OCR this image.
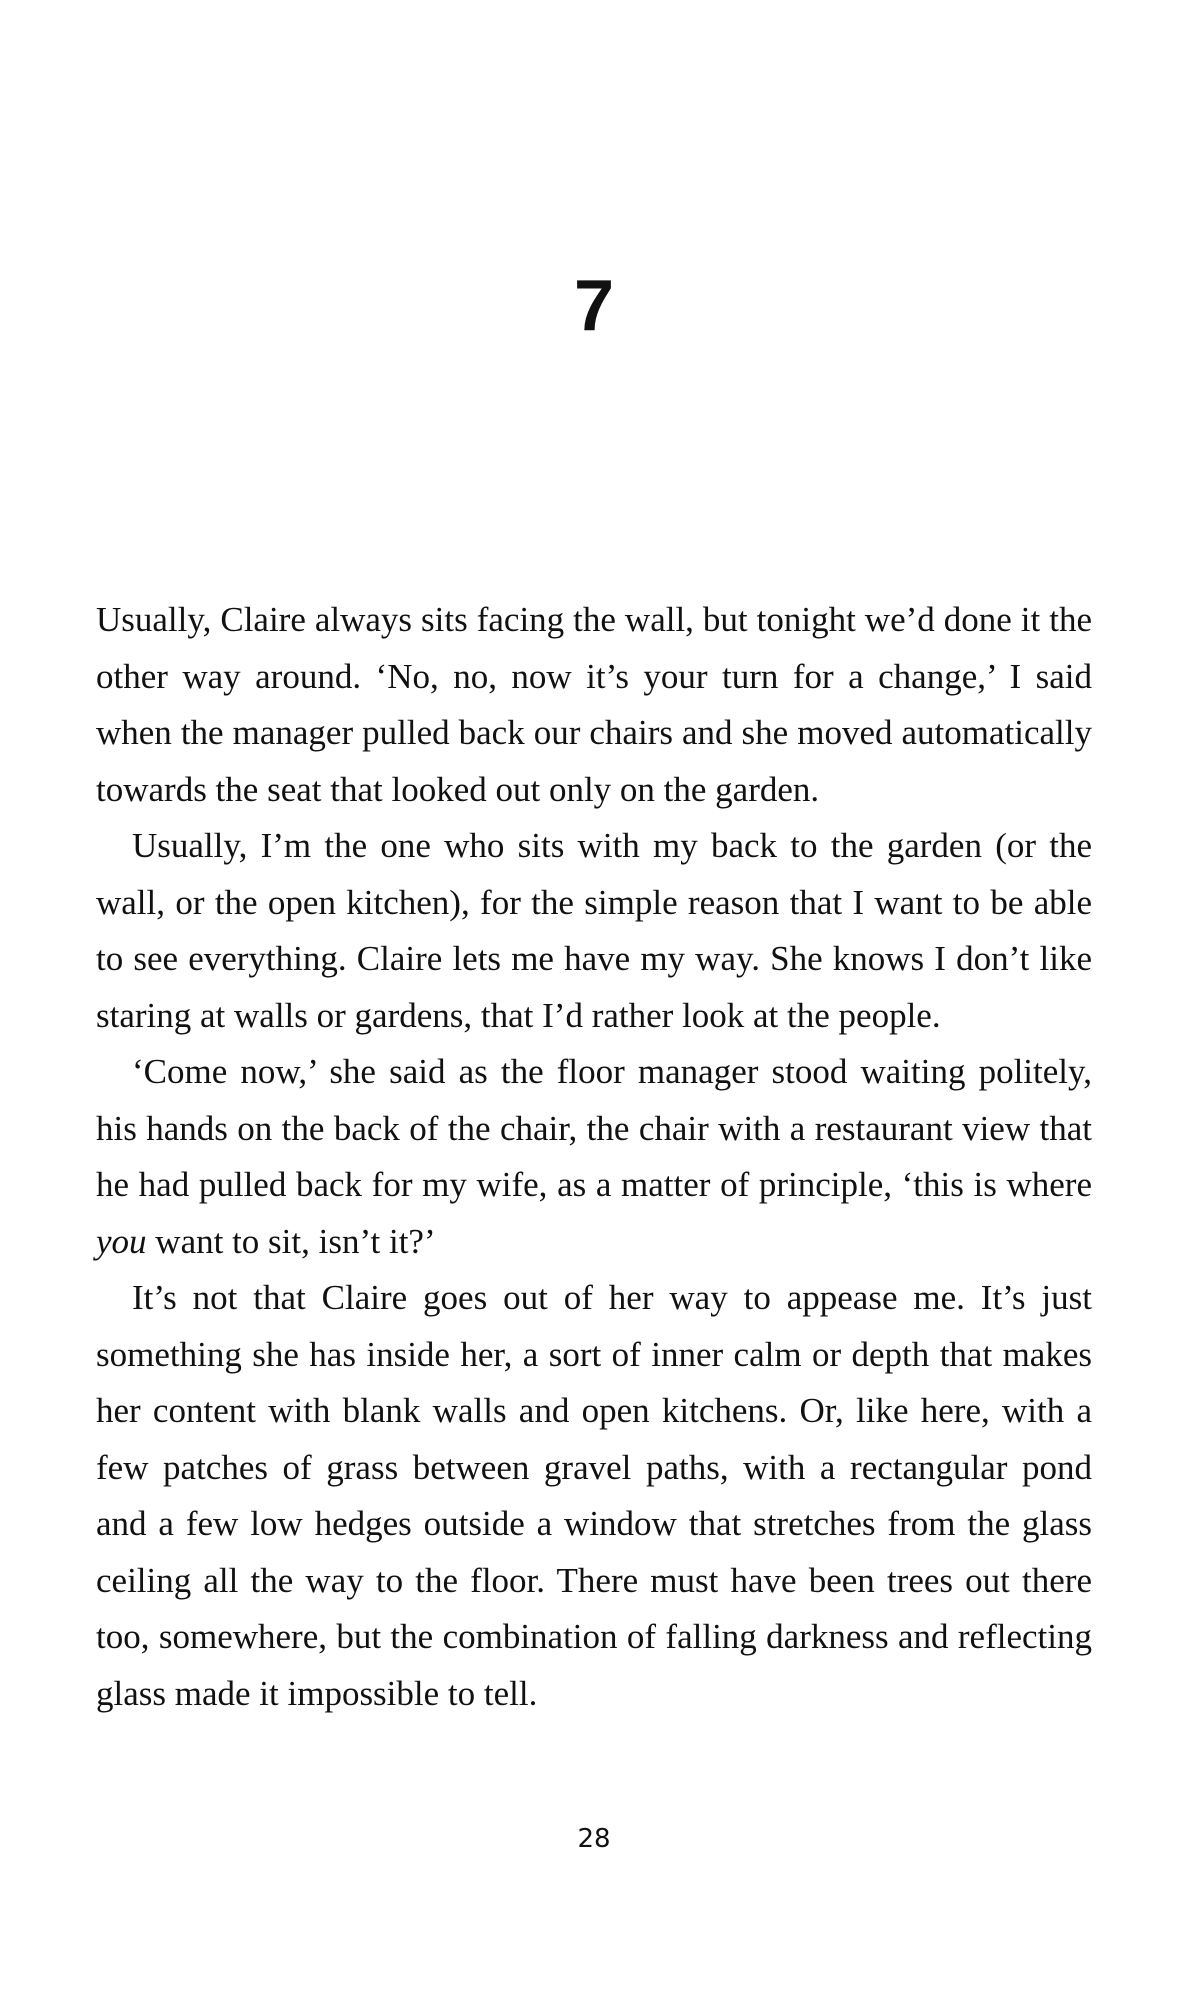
7

Usually, Claire always sits facing the wall, but tonight we’d done it the other way around. ‘No, no, now it’s your turn for a change,’ I said when the manager pulled back our chairs and she moved automatically towards the seat that looked out only on the garden.

Usually, I’m the one who sits with my back to the garden (or the wall, or the open kitchen), for the simple reason that I want to be able to see everything. Claire lets me have my way. She knows I don’t like staring at walls or gardens, that I’d rather look at the people.

‘Come now,’ she said as the floor manager stood waiting politely, his hands on the back of the chair, the chair with a restaurant view that he had pulled back for my wife, as a matter of principle, ‘this is where you want to sit, isn’t it?’

It’s not that Claire goes out of her way to appease me. It’s just something she has inside her, a sort of inner calm or depth that makes her content with blank walls and open kitchens. Or, like here, with a few patches of grass between gravel paths, with a rectangular pond and a few low hedges outside a window that stretches from the glass ceiling all the way to the floor. There must have been trees out there too, somewhere, but the combination of falling darkness and reflecting glass made it impossible to tell.

28
